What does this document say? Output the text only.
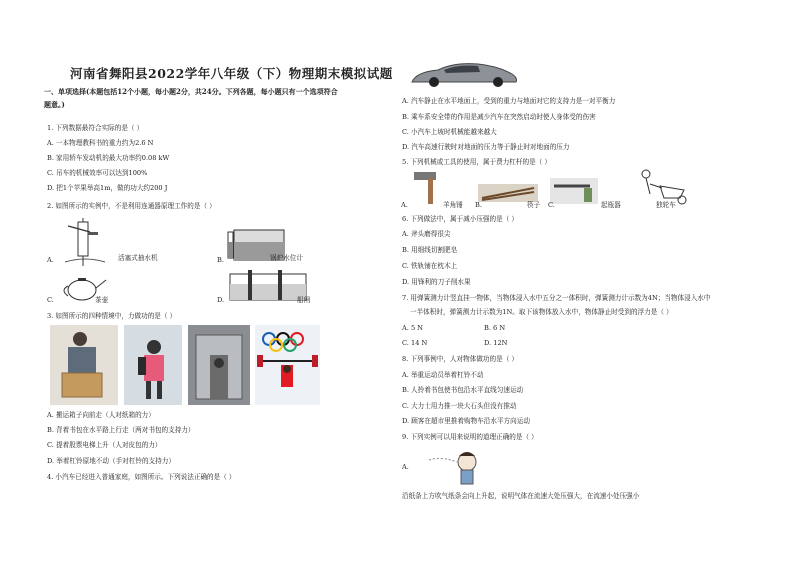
河南省舞阳县2022学年八年级（下）物理期末模拟试题
一、单项选择(本题包括12个小题，每小题2分，共24分。下列各题，每小题只有一个选项符合
题意。)
1. 下列数据最符合实际的是（ ）
A. 一本物理教科书的重力约为2.6 N
B. 家用轿车发动机的最大功率约0.08 kW
C. 吊车的机械效率可以达到100%
D. 把1个苹果举高1m，做的功大约200 J
2. 如图所示的实例中，不是利用连通器原理工作的是（ ）
A.	活塞式抽水机	B.	锅炉水位计
C.	茶壶	D.	船闸
3. 如图所示的四种情境中，力做功的是（ ）
A. 搬运箱子向前走（人对纸箱的力）
B. 背着书包在水平路上行走（两对书包的支持力）
C. 提着股票电梯上升（人对皮包的力）
D. 举着杠铃原地不动（手对杠铃的支持力）
4. 小汽车已经进入普通家庭，如图所示。下列说法正确的是（ ）
A. 汽车静止在水平地面上，受到的重力与地面对它的支持力是一对平衡力
B. 乘车系安全带的作用是减少汽车在突然启动时使人身体受的伤害
C. 小汽车上坡时机械能越来越大
D. 汽车高速行驶时对地面的压力等于静止时对地面的压力
5. 下列机械或工具的使用，属于费力杠杆的是（ ）
A.	羊角锤 B.	筷子 C.	起瓶器	独轮车
6. 下列做法中，属于减小压强的是（ ）
A. 斧头磨得很尖
B. 用细线切割肥皂
C. 铁轨铺在枕木上
D. 用锋利的刀子削水果
7. 用弹簧测力计竖直挂一物体，当物体浸入水中五分之一体积时，弹簧测力计示数为4N；当物体浸入水中
一半体积时，弹簧测力计示数为1N。取下该物体放入水中，物体静止时受到的浮力是（ ）
A. 5 N	B. 6 N
C. 14 N	D. 12N
8. 下列事例中，人对物体做功的是（ ）
A. 举重运动员举着杠铃不动
B. 人拎着书包使书包沿水平直线匀速运动
C. 大力士用力推一块大石头但没有推动
D. 顾客在超市里推着购物车沿水平方向运动
9. 下列实例可以用来说明的道理正确的是（ ）
A.
沿纸条上方吹气纸条会向上升起，说明气体在流速大处压强大，在流速小处压强小
